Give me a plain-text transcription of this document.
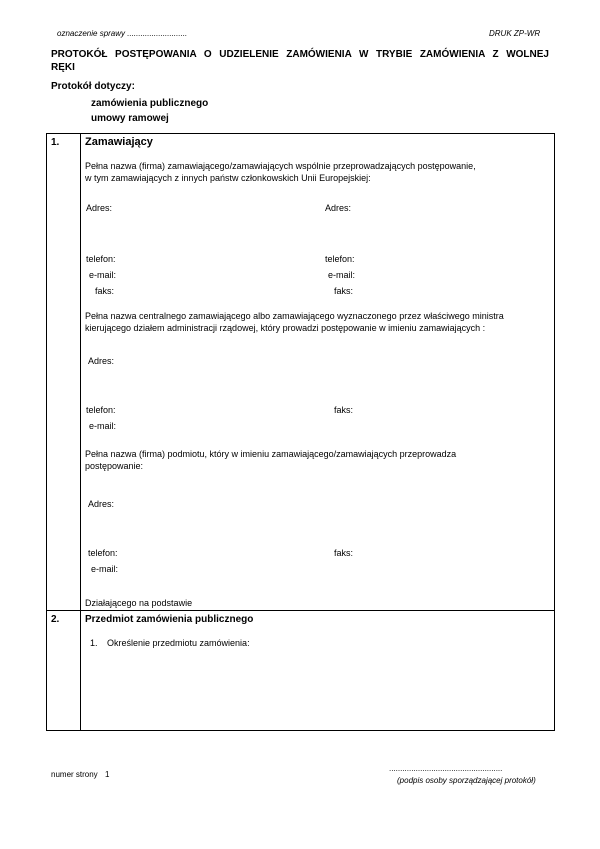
oznaczenie sprawy ...........................	DRUK ZP-WR
PROTOKÓŁ POSTĘPOWANIA O UDZIELENIE ZAMÓWIENIA W TRYBIE ZAMÓWIENIA Z WOLNEJ
RĘKI
Protokół dotyczy:
zamówienia publicznego
umowy ramowej
1. Zamawiający
Pełna nazwa (firma) zamawiającego/zamawiających wspólnie przeprowadzających postępowanie,
w tym zamawiających z innych państw członkowskich Unii Europejskiej:
Adres:	Adres:
telefon:	telefon:
e-mail:	e-mail:
faks:	faks:
Pełna nazwa centralnego zamawiającego albo zamawiającego wyznaczonego przez właściwego ministra
kierującego działem administracji rządowej, który prowadzi postępowanie w imieniu zamawiających :
Adres:
telefon:	faks:
e-mail:
Pełna nazwa (firma) podmiotu, który w imieniu zamawiającego/zamawiających przeprowadza
postępowanie:
Adres:
telefon:	faks:
e-mail:
Działającego na podstawie
2.	Przedmiot zamówienia publicznego
1. Określenie przedmiotu zamówienia:
numer strony 1
...................................................
(podpis osoby sporządzającej protokół)
